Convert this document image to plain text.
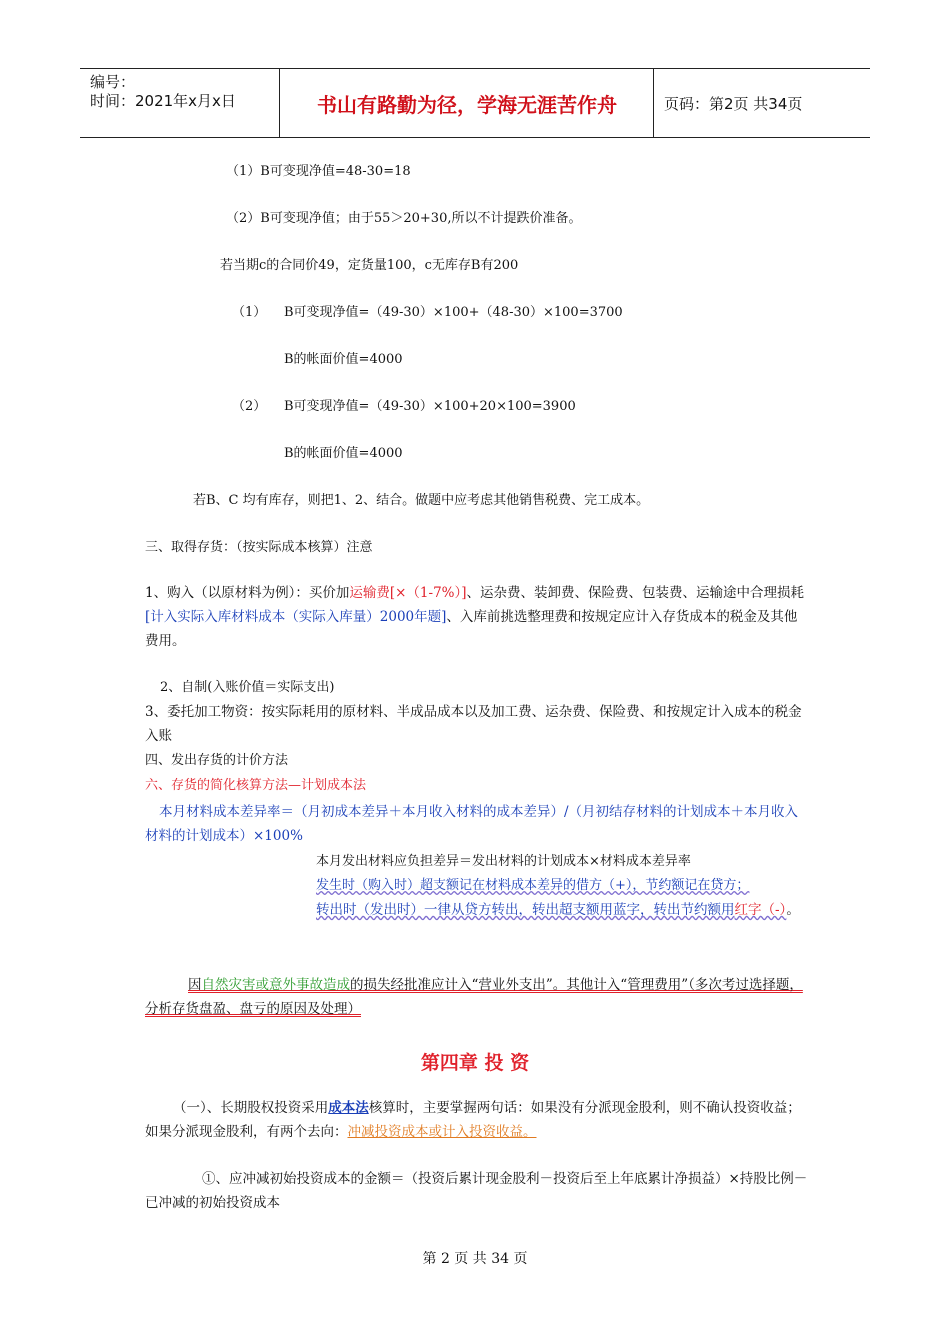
编号：
时间：2021年x月x日	书山有路勤为径，学海无涯苦作舟	页码：第2页 共34页
（1）B可变现净值=48-30=18
（2）B可变现净值；由于55＞20+30,所以不计提跌价准备。
若当期c的合同价49，定货量100，c无库存B有200
（1） B可变现净值=（49-30）×100+（48-30）×100=3700
B的帐面价值=4000
（2） B可变现净值=（49-30）×100+20×100=3900
B的帐面价值=4000
若B、C 均有库存，则把1、2、结合。做题中应考虑其他销售税费、完工成本。
三、取得存货：（按实际成本核算）注意
1、购入（以原材料为例）：买价加运输费[×（1-7%）]、运杂费、装卸费、保险费、包装费、运输途中合理损耗[计入实际入库材料成本（实际入库量）2000年题]、入库前挑选整理费和按规定应计入存货成本的税金及其他费用。
2、自制(入账价值＝实际支出)
3、委托加工物资：按实际耗用的原材料、半成品成本以及加工费、运杂费、保险费、和按规定计入成本的税金入账
四、发出存货的计价方法
六、存货的简化核算方法—计划成本法
本月材料成本差异率＝（月初成本差异＋本月收入材料的成本差异）/（月初结存材料的计划成本＋本月收入材料的计划成本）×100%
本月发出材料应负担差异＝发出材料的计划成本×材料成本差异率
发生时（购入时）超支额记在材料成本差异的借方（+），节约额记在贷方；
转出时（发出时）一律从贷方转出，转出超支额用蓝字，转出节约额用红字（-）。
因自然灾害或意外事故造成的损失经批准应计入“营业外支出”。其他计入“管理费用”（多次考过选择题，分析存货盘盈、盘亏的原因及处理）
第四章 投 资
（一）、长期股权投资采用成本法核算时，主要掌握两句话：如果没有分派现金股利，则不确认投资收益；如果分派现金股利，有两个去向：冲减投资成本或计入投资收益。
①、应冲减初始投资成本的金额＝（投资后累计现金股利－投资后至上年底累计净损益）×持股比例－已冲减的初始投资成本
第 2 页 共 34 页
